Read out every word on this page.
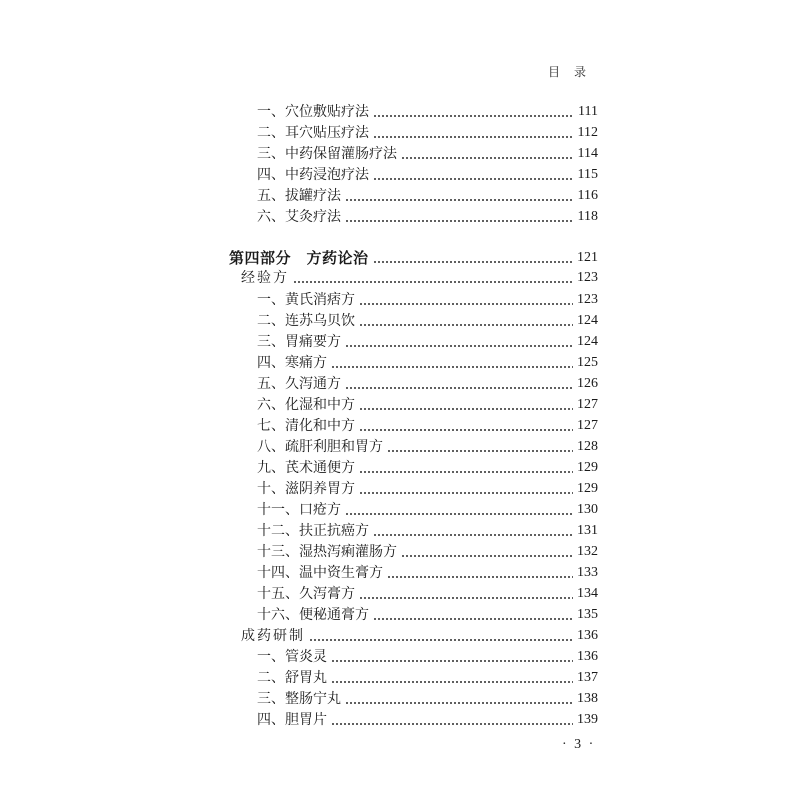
目录
一、穴位敷贴疗法	111
二、耳穴贴压疗法	112
三、中药保留灌肠疗法	114
四、中药浸泡疗法	115
五、拔罐疗法	116
六、艾灸疗法	118
第四部分　方药论治	121
经验方	123
一、黄氏消痞方	123
二、连苏乌贝饮	124
三、胃痛要方	124
四、寒痛方	125
五、久泻通方	126
六、化湿和中方	127
七、清化和中方	127
八、疏肝利胆和胃方	128
九、芪术通便方	129
十、滋阴养胃方	129
十一、口疮方	130
十二、扶正抗癌方	131
十三、湿热泻痢灌肠方	132
十四、温中资生膏方	133
十五、久泻膏方	134
十六、便秘通膏方	135
成药研制	136
一、管炎灵	136
二、舒胃丸	137
三、整肠宁丸	138
四、胆胃片	139
· 3 ·
